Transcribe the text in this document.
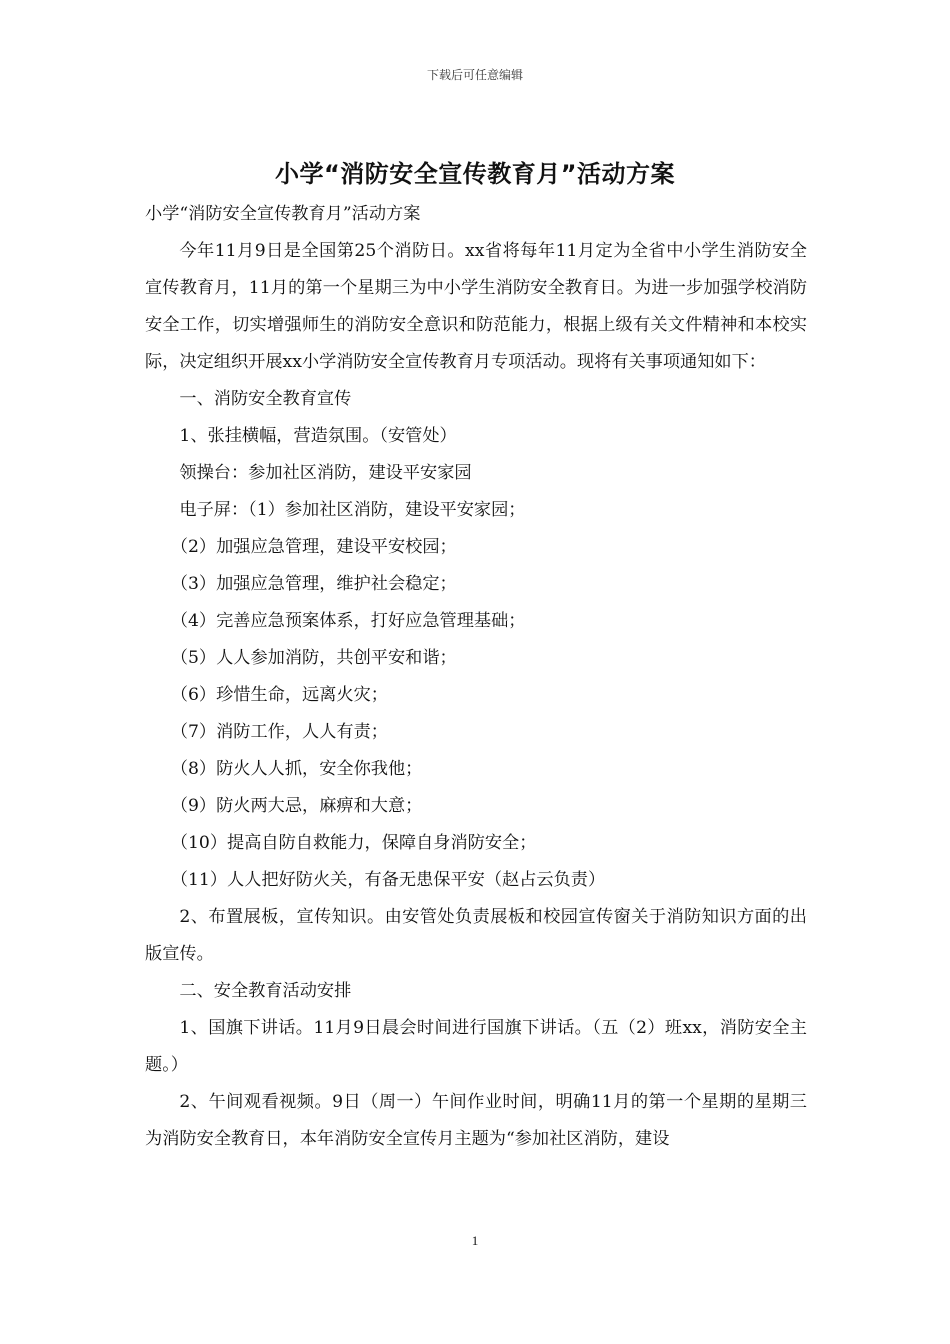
下载后可任意编辑
小学“消防安全宣传教育月”活动方案

小学“消防安全宣传教育月”活动方案

今年11月9日是全国第25个消防日。xx省将每年11月定为全省中小学生消防安全宣传教育月，11月的第一个星期三为中小学生消防安全教育日。为进一步加强学校消防安全工作，切实增强师生的消防安全意识和防范能力，根据上级有关文件精神和本校实际，决定组织开展xx小学消防安全宣传教育月专项活动。现将有关事项通知如下：

一、消防安全教育宣传

1、张挂横幅，营造氛围。（安管处）

领操台：参加社区消防，建设平安家园

电子屏：（1）参加社区消防，建设平安家园；

（2）加强应急管理，建设平安校园；

（3）加强应急管理，维护社会稳定；

（4）完善应急预案体系，打好应急管理基础；

（5）人人参加消防，共创平安和谐；

（6）珍惜生命，远离火灾；

（7）消防工作，人人有责；

（8）防火人人抓，安全你我他；

（9）防火两大忌，麻痹和大意；

（10）提高自防自救能力，保障自身消防安全；

（11）人人把好防火关，有备无患保平安（赵占云负责）

2、布置展板，宣传知识。由安管处负责展板和校园宣传窗关于消防知识方面的出版宣传。

二、安全教育活动安排

1、国旗下讲话。11月9日晨会时间进行国旗下讲话。（五（2）班xx，消防安全主题。）

2、午间观看视频。9日（周一）午间作业时间，明确11月的第一个星期的星期三为消防安全教育日，本年消防安全宣传月主题为“参加社区消防，建设

1
